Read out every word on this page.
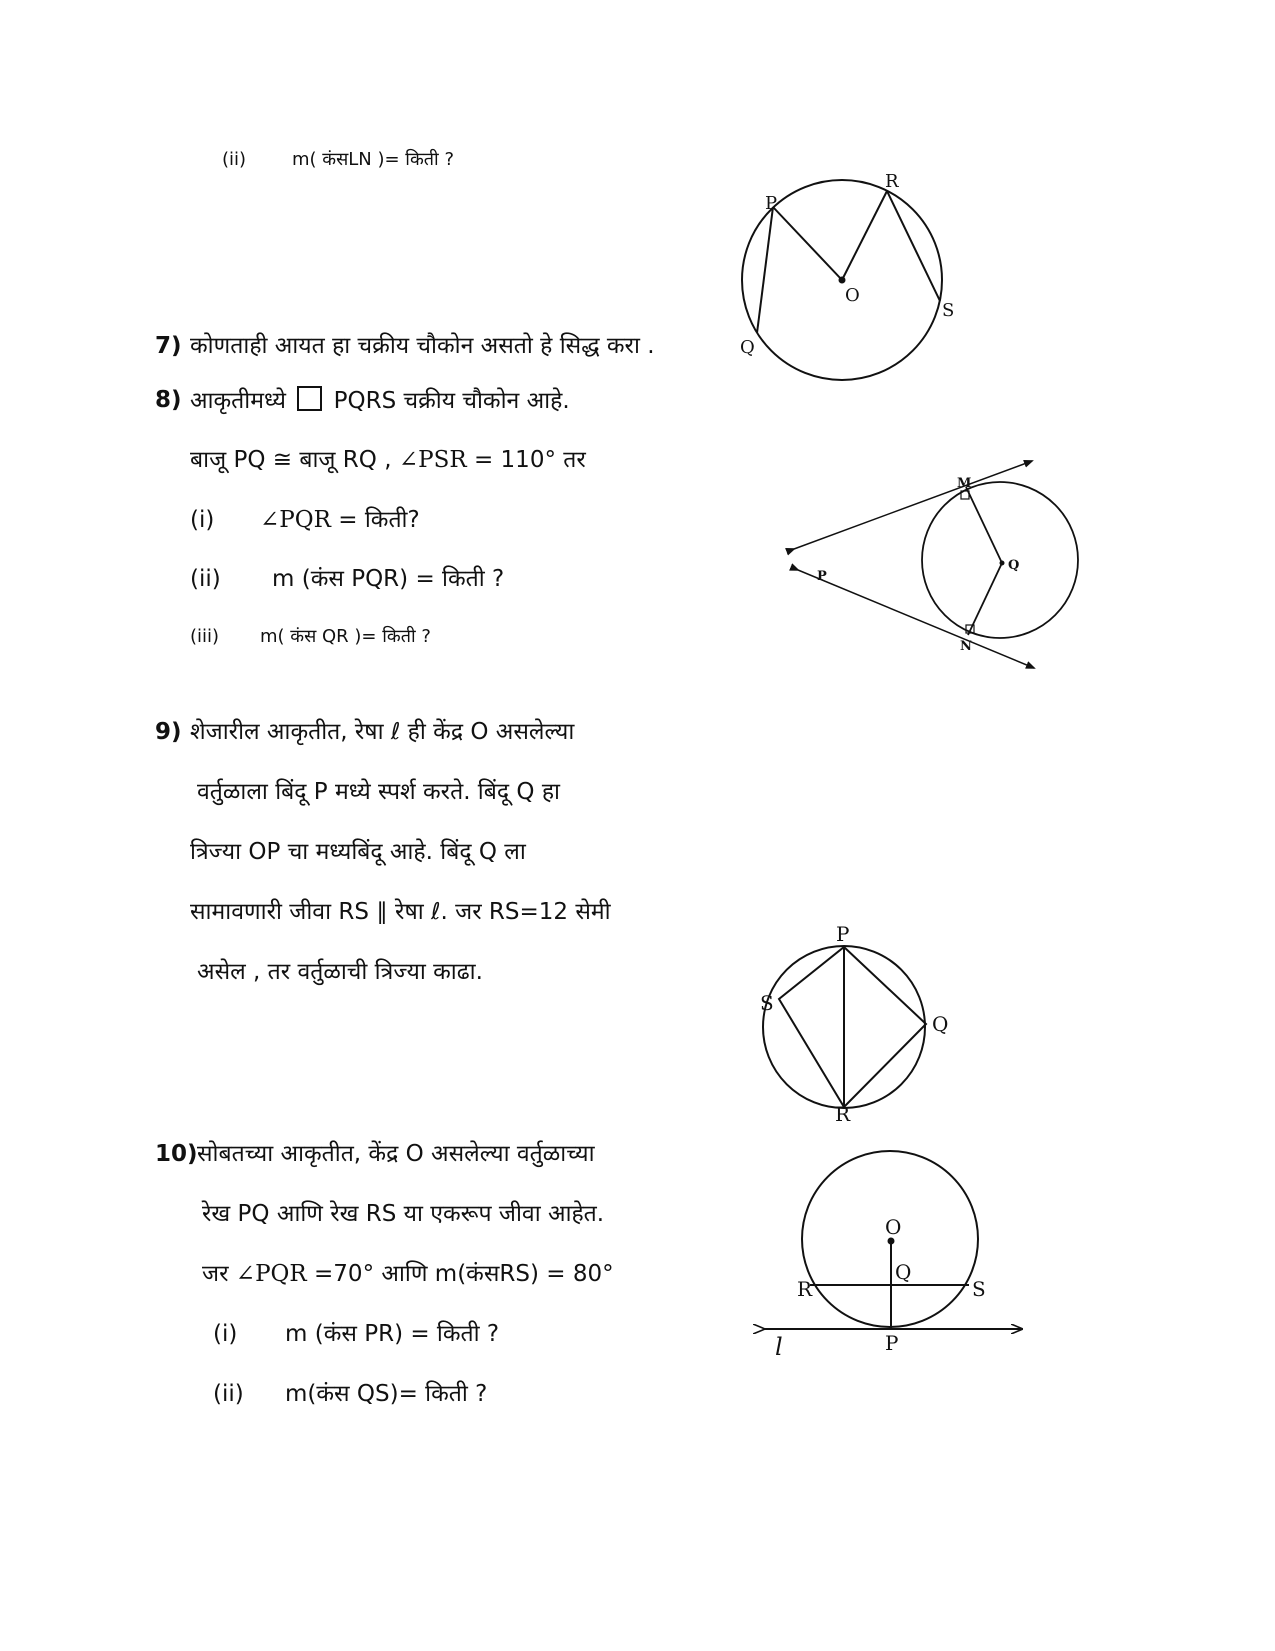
(ii)	m( कंसLN )= किती ?
P
R
O
S
Q
7) कोणताही आयत हा चक्रीय चौकोन असतो हे सिद्ध करा .
8) आकृतीमध्ये PQRS चक्रीय चौकोन आहे.
बाजू PQ ≅ बाजू RQ , ∠PSR = 110° तर
(i) ∠PQR = किती?
(ii) m (कंस PQR) = किती ?
(iii) m( कंस QR )= किती ?
M
Q
P
N
9) शेजारील आकृतीत, रेषा ℓ ही केंद्र O असलेल्या
वर्तुळाला बिंदू P मध्ये स्पर्श करते. बिंदू Q हा
त्रिज्या OP चा मध्यबिंदू आहे. बिंदू Q ला
सामावणारी जीवा RS ∥ रेषा ℓ. जर RS=12 सेमी
असेल , तर वर्तुळाची त्रिज्या काढा.
P
S
Q
R
10) सोबतच्या आकृतीत, केंद्र O असलेल्या वर्तुळाच्या
रेख PQ आणि रेख RS या एकरूप जीवा आहेत.
जर ∠PQR =70° आणि m(कंसRS) = 80°
(i) m (कंस PR) = किती ?
(ii) m(कंस QS)= किती ?
O
Q
R	S
l	P
